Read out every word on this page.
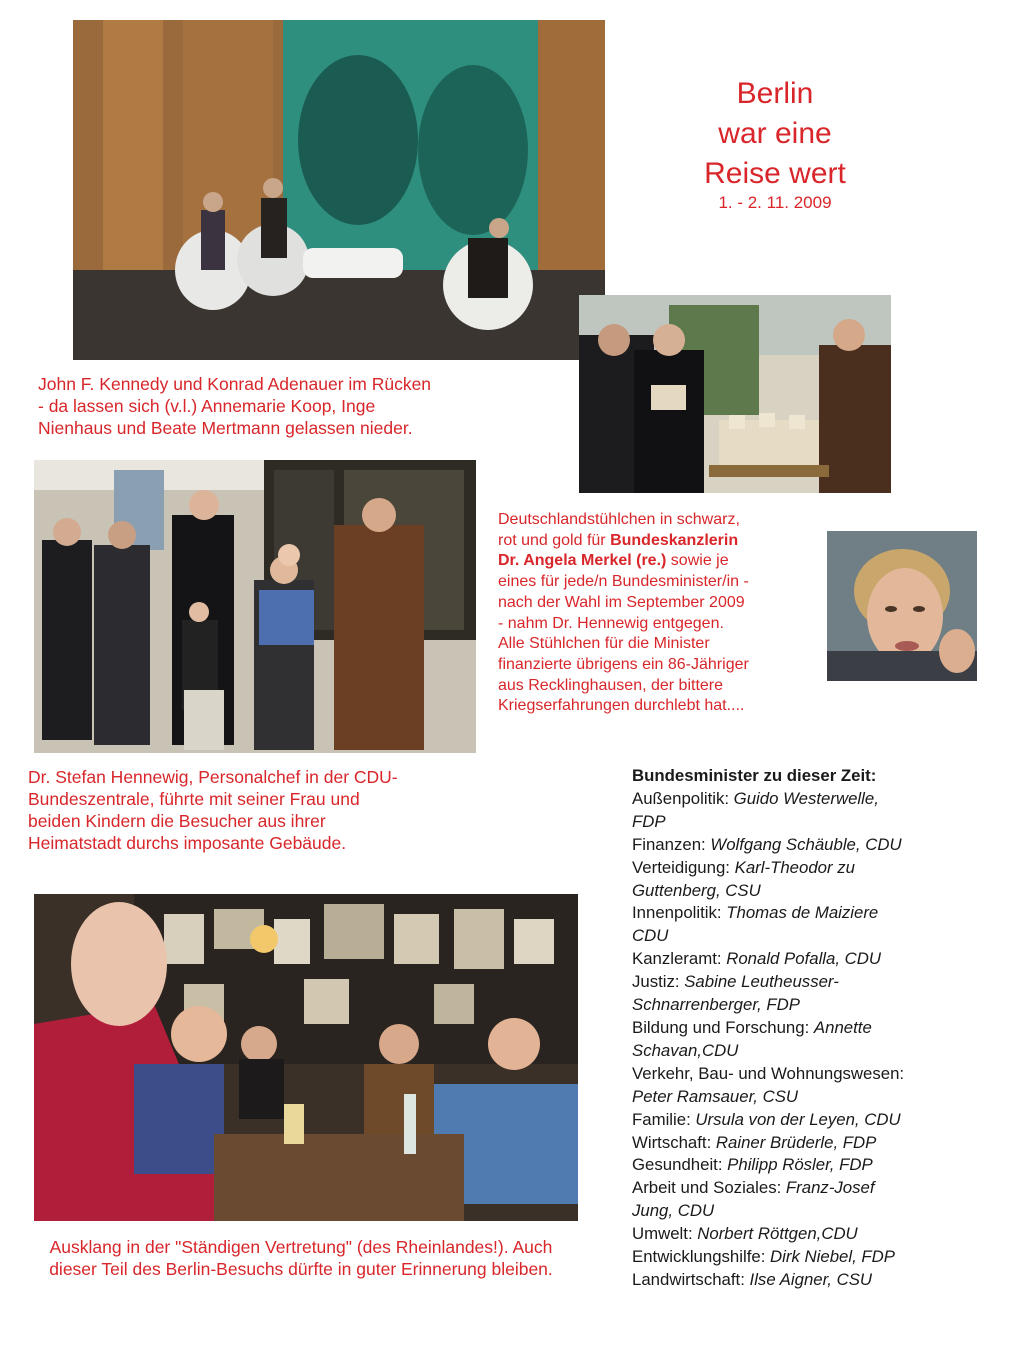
Berlin
war eine
Reise wert
1. - 2. 11. 2009
John F. Kennedy und Konrad Adenauer im Rücken
- da lassen sich (v.l.) Annemarie Koop, Inge
Nienhaus und Beate Mertmann gelassen nieder.
Deutschlandstühlchen in schwarz,
rot und gold für Bundeskanzlerin
Dr. Angela Merkel (re.) sowie je
eines für jede/n Bundesminister/in -
nach der Wahl im September 2009
- nahm Dr. Hennewig entgegen.
Alle Stühlchen für die Minister
finanzierte übrigens ein 86-Jähriger
aus Recklinghausen, der bittere
Kriegserfahrungen durchlebt hat....
Dr. Stefan Hennewig, Personalchef in der CDU-
Bundeszentrale, führte mit seiner Frau und
beiden Kindern die Besucher aus ihrer
Heimatstadt durchs imposante Gebäude.
Bundesminister zu dieser Zeit:
Außenpolitik: Guido Westerwelle,
FDP
Finanzen: Wolfgang Schäuble, CDU
Verteidigung: Karl-Theodor zu
Guttenberg, CSU
Innenpolitik: Thomas de Maiziere
CDU
Kanzleramt: Ronald Pofalla, CDU
Justiz: Sabine Leutheusser-
Schnarrenberger, FDP
Bildung und Forschung: Annette
Schavan,CDU
Verkehr, Bau- und Wohnungswesen:
Peter Ramsauer, CSU
Familie: Ursula von der Leyen, CDU
Wirtschaft: Rainer Brüderle, FDP
Gesundheit: Philipp Rösler, FDP
Arbeit und Soziales: Franz-Josef
Jung, CDU
Umwelt: Norbert Röttgen,CDU
Entwicklungshilfe: Dirk Niebel, FDP
Landwirtschaft: Ilse Aigner, CSU
Ausklang in der "Ständigen Vertretung" (des Rheinlandes!). Auch
dieser Teil des Berlin-Besuchs dürfte in guter Erinnerung bleiben.
